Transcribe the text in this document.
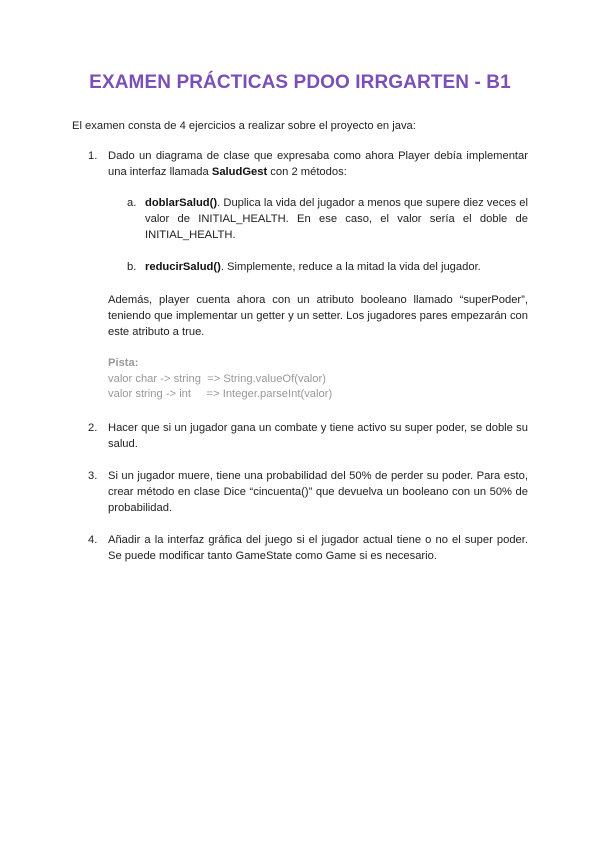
EXAMEN PRÁCTICAS PDOO IRRGARTEN - B1
El examen consta de 4 ejercicios a realizar sobre el proyecto en java:
1. Dado un diagrama de clase que expresaba como ahora Player debía implementar una interfaz llamada SaludGest con 2 métodos:
a. doblarSalud(). Duplica la vida del jugador a menos que supere diez veces el valor de INITIAL_HEALTH. En ese caso, el valor sería el doble de INITIAL_HEALTH.
b. reducirSalud(). Simplemente, reduce a la mitad la vida del jugador.
Además, player cuenta ahora con un atributo booleano llamado “superPoder”, teniendo que implementar un getter y un setter. Los jugadores pares empezarán con este atributo a true.
Pista:
valor char -> string  => String.valueOf(valor)
valor string -> int     => Integer.parseInt(valor)
2. Hacer que si un jugador gana un combate y tiene activo su super poder, se doble su salud.
3. Si un jugador muere, tiene una probabilidad del 50% de perder su poder. Para esto, crear método en clase Dice “cincuenta()” que devuelva un booleano con un 50% de probabilidad.
4. Añadir a la interfaz gráfica del juego si el jugador actual tiene o no el super poder. Se puede modificar tanto GameState como Game si es necesario.
